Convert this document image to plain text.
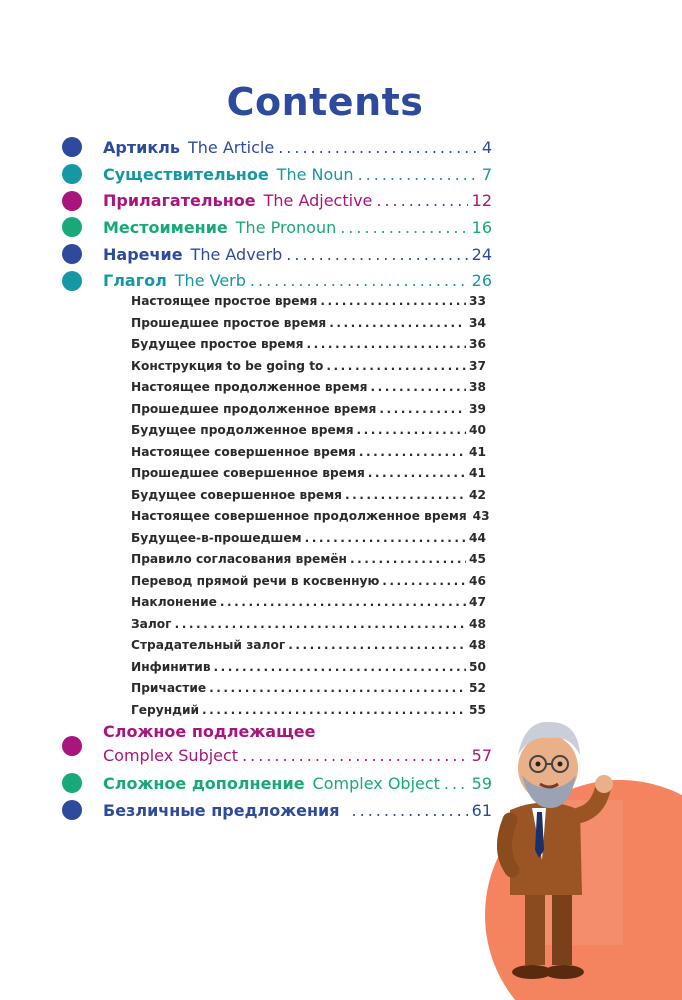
Contents
Артикль The Article .....	4
Существительное The Noun .....	7
Прилагательное The Adjective .....	12
Местоимение The Pronoun .....	16
Наречие The Adverb .....	24
Глагол The Verb .....	26
Настоящее простое время .....	33
Прошедшее простое время .....	34
Будущее простое время .....	36
Конструкция to be going to .....	37
Настоящее продолженное время .....	38
Прошедшее продолженное время .....	39
Будущее продолженное время .....	40
Настоящее совершенное время .....	41
Прошедшее совершенное время .....	41
Будущее совершенное время .....	42
Настоящее совершенное продолженное время 43
Будущее-в-прошедшем .....	44
Правило согласования времён .....	45
Перевод прямой речи в косвенную .....	46
Наклонение .....	47
Залог .....	48
Страдательный залог .....	48
Инфинитив .....	50
Причастие .....	52
Герундий .....	55
Сложное подлежащее
Complex Subject .....	57
Сложное дополнение Complex Object ..... 59
Безличные предложения .....	61
